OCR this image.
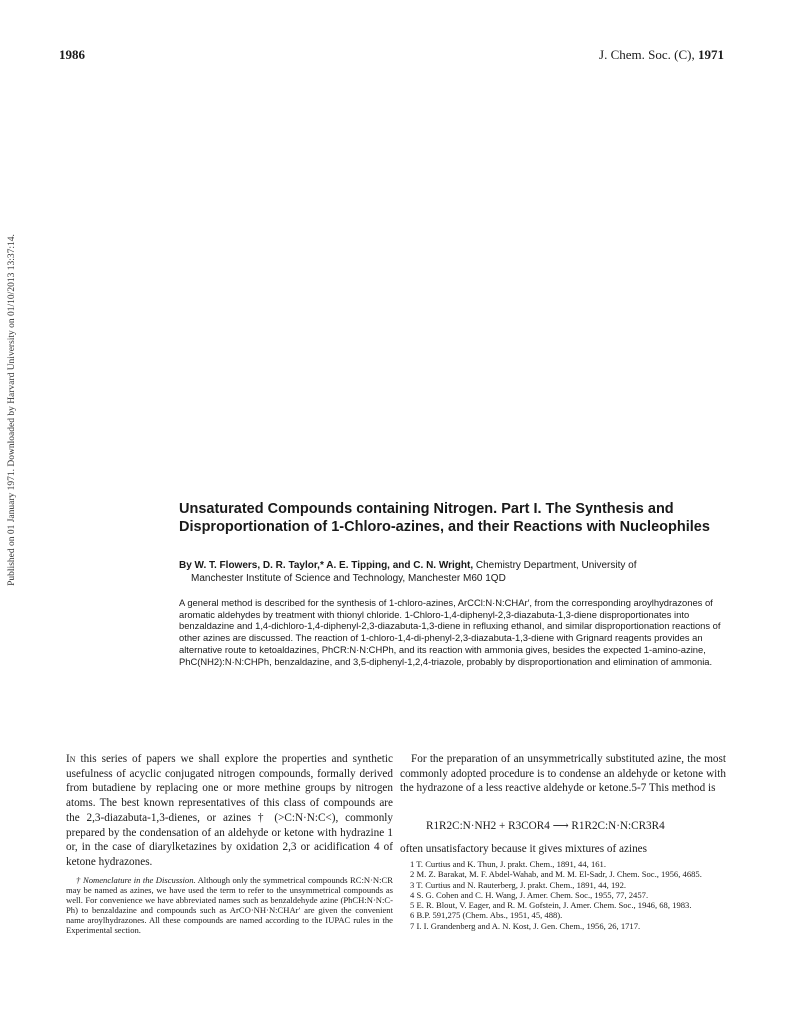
1986	J. Chem. Soc. (C), 1971
Published on 01 January 1971. Downloaded by Harvard University on 01/10/2013 13:37:14.	Unsaturated Compounds containing Nitrogen. Part I. The Synthesis and Disproportionation of 1-Chloro-azines, and their Reactions with Nucleophiles
By W. T. Flowers, D. R. Taylor,* A. E. Tipping, and C. N. Wright, Chemistry Department, University of
Manchester Institute of Science and Technology, Manchester M60 1QD

A general method is described for the synthesis of 1-chloro-azines, ArCCl:N·N:CHAr′, from the corresponding aroylhydrazones of aromatic aldehydes by treatment with thionyl chloride. 1-Chloro-1,4-diphenyl-2,3-diazabuta-1,3-diene disproportionates into benzaldazine and 1,4-dichloro-1,4-diphenyl-2,3-diazabuta-1,3-diene in refluxing ethanol, and similar disproportionation reactions of other azines are discussed. The reaction of 1-chloro-1,4-di-phenyl-2,3-diazabuta-1,3-diene with Grignard reagents provides an alternative route to ketoaldazines, PhCR:N·N:CHPh, and its reaction with ammonia gives, besides the expected 1-amino-azine, PhC(NH2):N·N:CHPh, benzaldazine, and 3,5-diphenyl-1,2,4-triazole, probably by disproportionation and elimination of ammonia.

In this series of papers we shall explore the properties and synthetic usefulness of acyclic conjugated nitrogen compounds, formally derived from butadiene by replacing one or more methine groups by nitrogen atoms. The best known representatives of this class of compounds are the 2,3-diazabuta-1,3-dienes, or azines † (>C:N·N:C<), commonly prepared by the condensation of an aldehyde or ketone with hydrazine 1 or, in the case of diarylketazines by oxidation 2,3 or acidification 4 of ketone hydrazones.

† Nomenclature in the Discussion. Although only the symmetrical compounds RC:N·N:CR may be named as azines, we have used the term to refer to the unsymmetrical compounds as well. For convenience we have abbreviated names such as benzaldehyde azine (PhCH:N·N:C-Ph) to benzaldazine and compounds such as ArCO·NH·N:CHAr′ are given the convenient name aroylhydrazones. All these compounds are named according to the IUPAC rules in the Experimental section.

For the preparation of an unsymmetrically substituted azine, the most commonly adopted procedure is to condense an aldehyde or ketone with the hydrazone of a less reactive aldehyde or ketone.5-7 This method is

R1R2C:N·NH2 + R3COR4 ⟶ R1R2C:N·N:CR3R4
often unsatisfactory because it gives mixtures of azines
1 T. Curtius and K. Thun, J. prakt. Chem., 1891, 44, 161.
2 M. Z. Barakat, M. F. Abdel-Wahab, and M. M. El-Sadr, J. Chem. Soc., 1956, 4685.
3 T. Curtius and N. Rauterberg, J. prakt. Chem., 1891, 44, 192.
4 S. G. Cohen and C. H. Wang, J. Amer. Chem. Soc., 1955, 77, 2457.
5 E. R. Blout, V. Eager, and R. M. Gofstein, J. Amer. Chem. Soc., 1946, 68, 1983.
6 B.P. 591,275 (Chem. Abs., 1951, 45, 488).
7 I. I. Grandenberg and A. N. Kost, J. Gen. Chem., 1956, 26, 1717.
